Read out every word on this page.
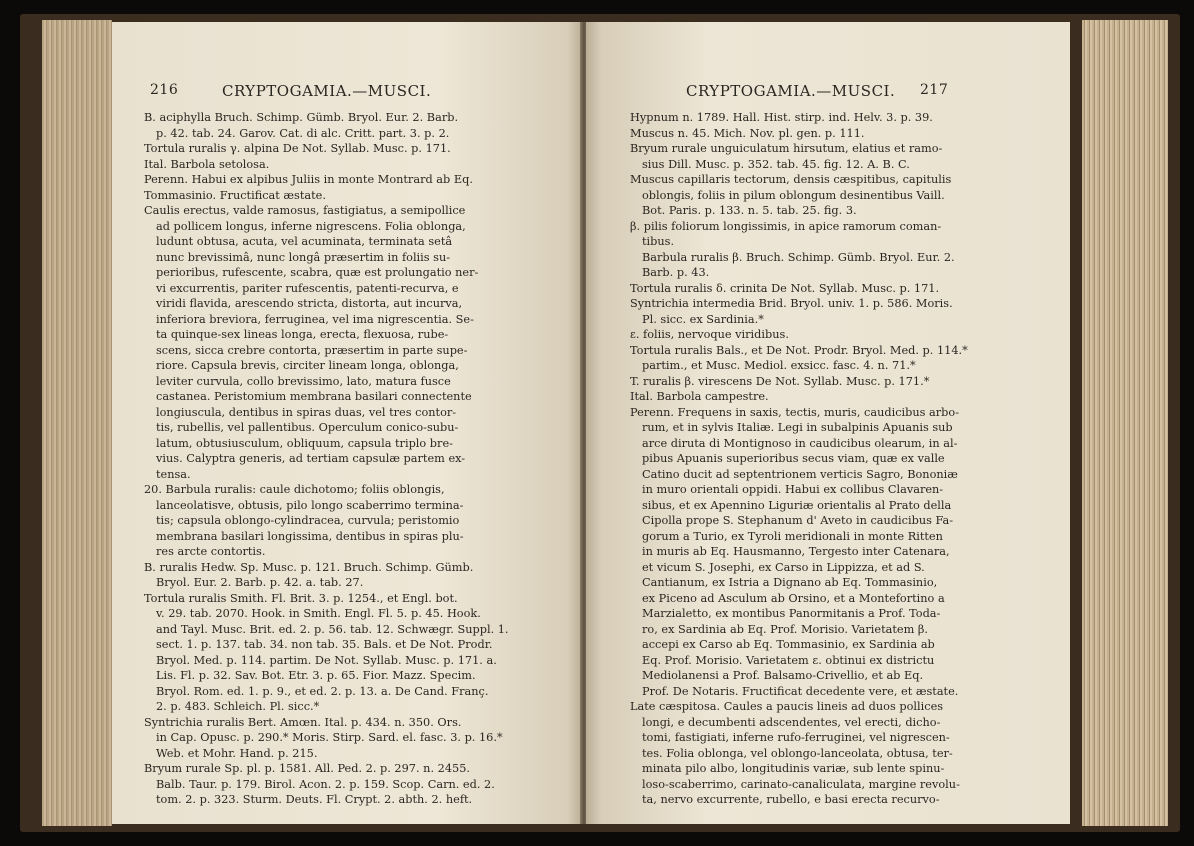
216	CRYPTOGAMIA.—MUSCI.
B. aciphylla Bruch. Schimp. Gümb. Bryol. Eur. 2. Barb.
p. 42. tab. 24. Garov. Cat. di alc. Critt. part. 3. p. 2.
Tortula ruralis γ. alpina De Not. Syllab. Musc. p. 171.
Ital. Barbola setolosa.
Perenn. Habui ex alpibus Juliis in monte Montrard ab Eq.
Tommasinio. Fructificat æstate.
Caulis erectus, valde ramosus, fastigiatus, a semipollice
ad pollicem longus, inferne nigrescens. Folia oblonga,
ludunt obtusa, acuta, vel acuminata, terminata setâ
nunc brevissimâ, nunc longâ præsertim in foliis su-
perioribus, rufescente, scabra, quæ est prolungatio ner-
vi excurrentis, pariter rufescentis, patenti-recurva, e
viridi flavida, arescendo stricta, distorta, aut incurva,
inferiora breviora, ferruginea, vel ima nigrescentia. Se-
ta quinque-sex lineas longa, erecta, flexuosa, rube-
scens, sicca crebre contorta, præsertim in parte supe-
riore. Capsula brevis, circiter lineam longa, oblonga,
leviter curvula, collo brevissimo, lato, matura fusce
castanea. Peristomium membrana basilari connectente
longiuscula, dentibus in spiras duas, vel tres contor-
tis, rubellis, vel pallentibus. Operculum conico-subu-
latum, obtusiusculum, obliquum, capsula triplo bre-
vius. Calyptra generis, ad tertiam capsulæ partem ex-
tensa.
20. Barbula ruralis: caule dichotomo; foliis oblongis,
lanceolatisve, obtusis, pilo longo scaberrimo termina-
tis; capsula oblongo-cylindracea, curvula; peristomio
membrana basilari longissima, dentibus in spiras plu-
res arcte contortis.
B. ruralis Hedw. Sp. Musc. p. 121. Bruch. Schimp. Gümb.
Bryol. Eur. 2. Barb. p. 42. a. tab. 27.
Tortula ruralis Smith. Fl. Brit. 3. p. 1254., et Engl. bot.
v. 29. tab. 2070. Hook. in Smith. Engl. Fl. 5. p. 45. Hook.
and Tayl. Musc. Brit. ed. 2. p. 56. tab. 12. Schwægr. Suppl. 1.
sect. 1. p. 137. tab. 34. non tab. 35. Bals. et De Not. Prodr.
Bryol. Med. p. 114. partim. De Not. Syllab. Musc. p. 171. a.
Lis. Fl. p. 32. Sav. Bot. Etr. 3. p. 65. Fior. Mazz. Specim.
Bryol. Rom. ed. 1. p. 9., et ed. 2. p. 13. a. De Cand. Franç.
2. p. 483. Schleich. Pl. sicc.*
Syntrichia ruralis Bert. Amœn. Ital. p. 434. n. 350. Ors.
in Cap. Opusc. p. 290.* Moris. Stirp. Sard. el. fasc. 3. p. 16.*
Web. et Mohr. Hand. p. 215.
Bryum rurale Sp. pl. p. 1581. All. Ped. 2. p. 297. n. 2455.
Balb. Taur. p. 179. Birol. Acon. 2. p. 159. Scop. Carn. ed. 2.
tom. 2. p. 323. Sturm. Deuts. Fl. Crypt. 2. abth. 2. heft.
CRYPTOGAMIA.—MUSCI. 217
Hypnum n. 1789. Hall. Hist. stirp. ind. Helv. 3. p. 39.
Muscus n. 45. Mich. Nov. pl. gen. p. 111.
Bryum rurale unguiculatum hirsutum, elatius et ramo-
sius Dill. Musc. p. 352. tab. 45. fig. 12. A. B. C.
Muscus capillaris tectorum, densis cæspitibus, capitulis
oblongis, foliis in pilum oblongum desinentibus Vaill.
Bot. Paris. p. 133. n. 5. tab. 25. fig. 3.
β. pilis foliorum longissimis, in apice ramorum coman-
tibus.
Barbula ruralis β. Bruch. Schimp. Gümb. Bryol. Eur. 2.
Barb. p. 43.
Tortula ruralis δ. crinita De Not. Syllab. Musc. p. 171.
Syntrichia intermedia Brid. Bryol. univ. 1. p. 586. Moris.
Pl. sicc. ex Sardinia.*
ε. foliis, nervoque viridibus.
Tortula ruralis Bals., et De Not. Prodr. Bryol. Med. p. 114.*
partim., et Musc. Mediol. exsicc. fasc. 4. n. 71.*
T. ruralis β. virescens De Not. Syllab. Musc. p. 171.*
Ital. Barbola campestre.
Perenn. Frequens in saxis, tectis, muris, caudicibus arbo-
rum, et in sylvis Italiæ. Legi in subalpinis Apuanis sub
arce diruta di Montignoso in caudicibus olearum, in al-
pibus Apuanis superioribus secus viam, quæ ex valle
Catino ducit ad septentrionem verticis Sagro, Bononiæ
in muro orientali oppidi. Habui ex collibus Clavaren-
sibus, et ex Apennino Liguriæ orientalis al Prato della
Cipolla prope S. Stephanum d' Aveto in caudicibus Fa-
gorum a Turio, ex Tyroli meridionali in monte Ritten
in muris ab Eq. Hausmanno, Tergesto inter Catenara,
et vicum S. Josephi, ex Carso in Lippizza, et ad S.
Cantianum, ex Istria a Dignano ab Eq. Tommasinio,
ex Piceno ad Asculum ab Orsino, et a Montefortino a
Marzialetto, ex montibus Panormitanis a Prof. Toda-
ro, ex Sardinia ab Eq. Prof. Morisio. Varietatem β.
accepi ex Carso ab Eq. Tommasinio, ex Sardinia ab
Eq. Prof. Morisio. Varietatem ε. obtinui ex districtu
Mediolanensi a Prof. Balsamo-Crivellio, et ab Eq.
Prof. De Notaris. Fructificat decedente vere, et æstate.
Late cæspitosa. Caules a paucis lineis ad duos pollices
longi, e decumbenti adscendentes, vel erecti, dicho-
tomi, fastigiati, inferne rufo-ferruginei, vel nigrescen-
tes. Folia oblonga, vel oblongo-lanceolata, obtusa, ter-
minata pilo albo, longitudinis variæ, sub lente spinu-
loso-scaberrimo, carinato-canaliculata, margine revolu-
ta, nervo excurrente, rubello, e basi erecta recurvo-
